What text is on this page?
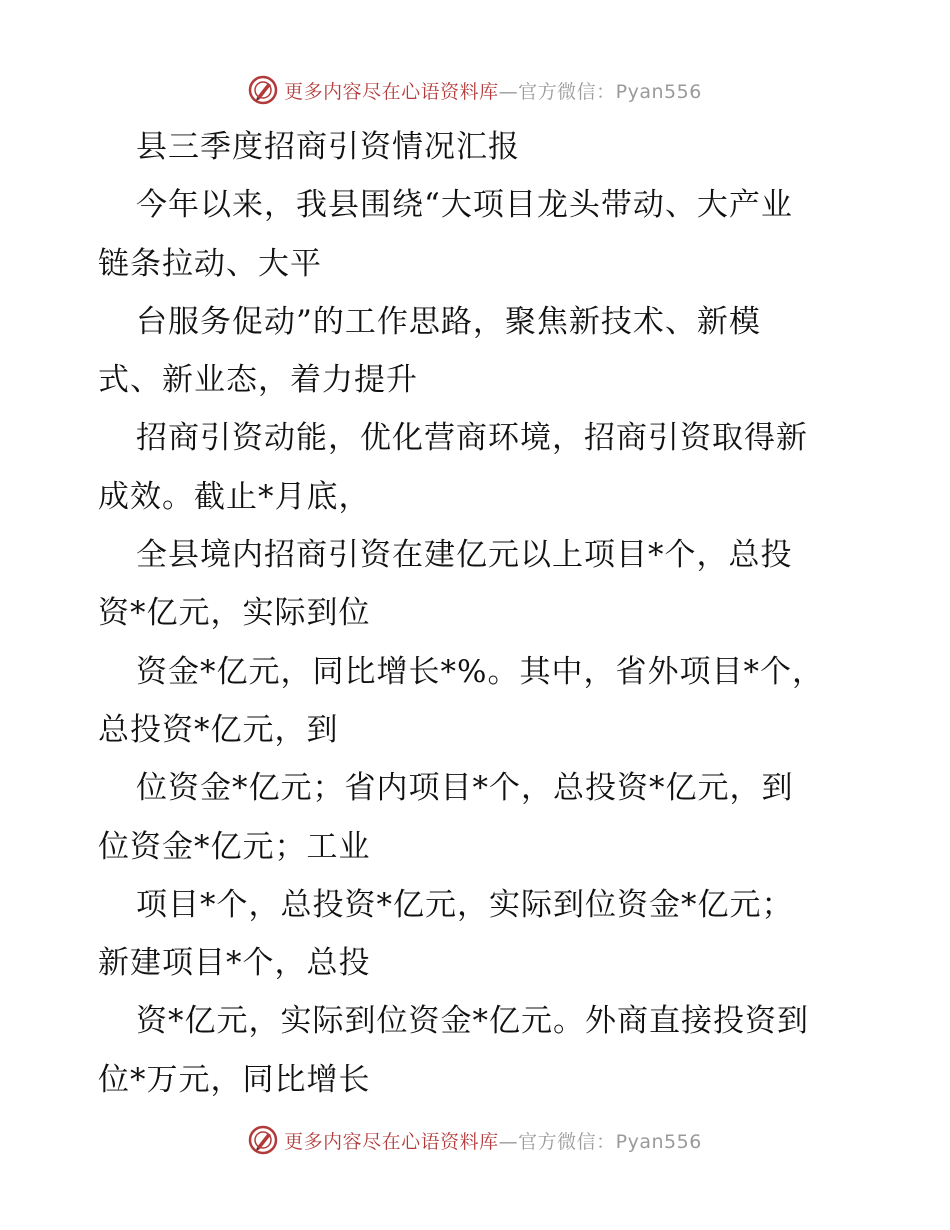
更多内容尽在心语资料库—官方微信：Pyan556
县三季度招商引资情况汇报
今年以来，我县围绕“大项目龙头带动、大产业
链条拉动、大平
台服务促动”的工作思路，聚焦新技术、新模
式、新业态，着力提升
招商引资动能，优化营商环境，招商引资取得新
成效。截止*月底，
全县境内招商引资在建亿元以上项目*个，总投
资*亿元，实际到位
资金*亿元，同比增长*%。其中，省外项目*个，
总投资*亿元，到
位资金*亿元；省内项目*个，总投资*亿元，到
位资金*亿元；工业
项目*个，总投资*亿元，实际到位资金*亿元；
新建项目*个，总投
资*亿元，实际到位资金*亿元。外商直接投资到
位*万元，同比增长
更多内容尽在心语资料库—官方微信：Pyan556
